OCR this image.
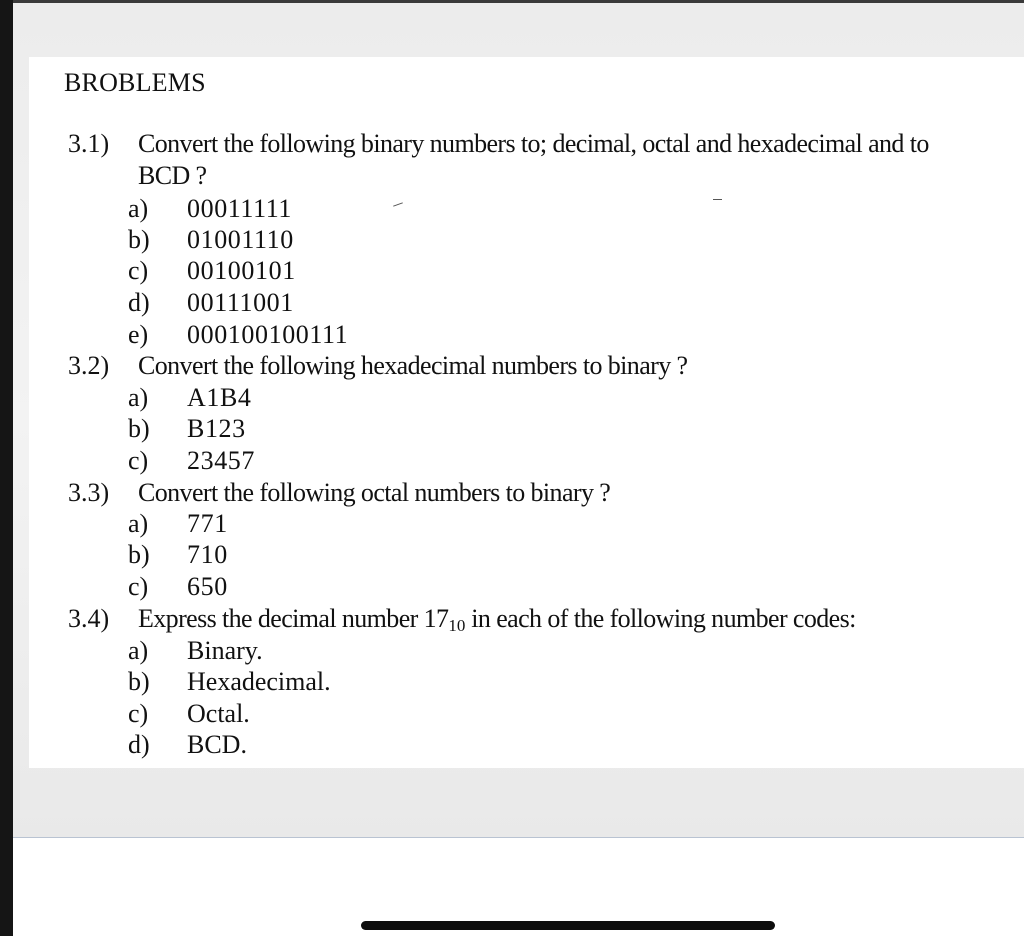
BROBLEMS
3.1) Convert the following binary numbers to; decimal, octal and hexadecimal and to
BCD ?
a) 00011111
b) 01001110
c) 00100101
d) 00111001
e) 000100100111
3.2) Convert the following hexadecimal numbers to binary ?
a) A1B4
b) B123
c) 23457
3.3) Convert the following octal numbers to binary ?
a) 771
b) 710
c) 650
3.4) Express the decimal number $17_{10}$ in each of the following number codes:
a) Binary.
b) Hexadecimal.
c) Octal.
d) BCD.
